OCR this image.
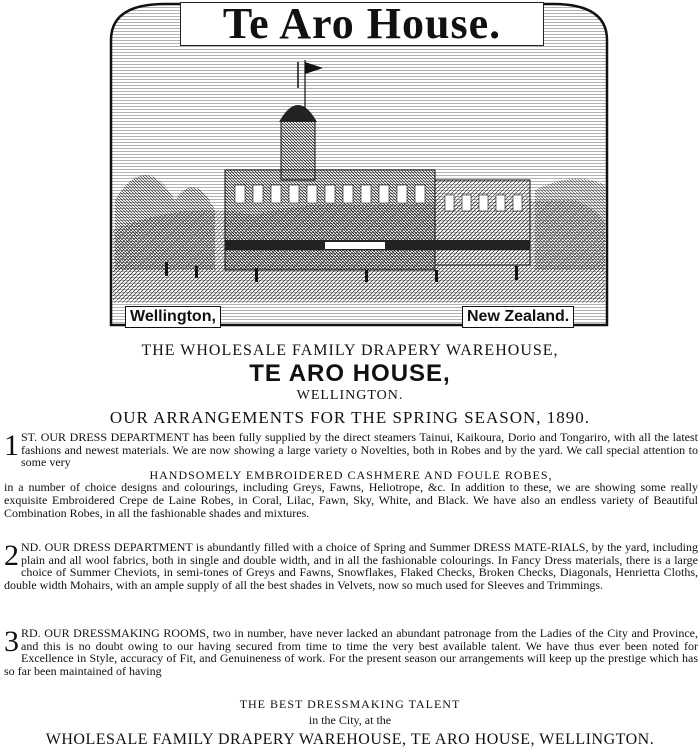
Te Aro House.
Wellington,	New Zealand.
THE WHOLESALE FAMILY DRAPERY WAREHOUSE,
TE ARO HOUSE,
WELLINGTON.
OUR ARRANGEMENTS FOR THE SPRING SEASON, 1890.
1 ST. OUR DRESS DEPARTMENT has been fully supplied by the direct steamers Tainui, Kaikoura, Dorio and Tongariro, with all the latest fashions and newest materials. We are now showing a large variety o Novelties, both in Robes and by the yard. We call special attention to some very
HANDSOMELY EMBROIDERED CASHMERE AND FOULE ROBES,
in a number of choice designs and colourings, including Greys, Fawns, Heliotrope, &c. In addition to these, we are showing some really exquisite Embroidered Crepe de Laine Robes, in Coral, Lilac, Fawn, Sky, White, and Black. We have also an endless variety of Beautiful Combination Robes, in all the fashionable shades and mixtures.
2 ND. OUR DRESS DEPARTMENT is abundantly filled with a choice of Spring and Summer DRESS MATE-RIALS, by the yard, including plain and all wool fabrics, both in single and double width, and in all the fashionable colourings. In Fancy Dress materials, there is a large choice of Summer Cheviots, in semi-tones of Greys and Fawns, Snowflakes, Flaked Checks, Broken Checks, Diagonals, Henrietta Cloths, double width Mohairs, with an ample supply of all the best shades in Velvets, now so much used for Sleeves and Trimmings.
3 RD. OUR DRESSMAKING ROOMS, two in number, have never lacked an abundant patronage from the Ladies of the City and Province, and this is no doubt owing to our having secured from time to time the very best available talent. We have thus ever been noted for Excellence in Style, accuracy of Fit, and Genuineness of work. For the present season our arrangements will keep up the prestige which has so far been maintained of having
THE BEST DRESSMAKING TALENT
in the City, at the
WHOLESALE FAMILY DRAPERY WAREHOUSE, TE ARO HOUSE, WELLINGTON.
